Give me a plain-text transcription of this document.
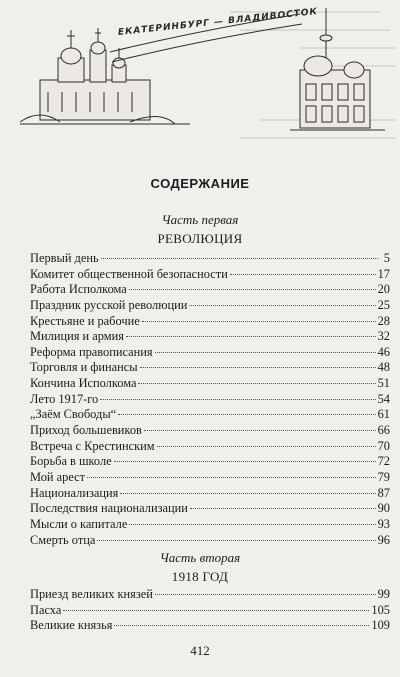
ЕКАТЕРИНБУРГ — ВЛАДИВОСТОК
СОДЕРЖАНИЕ
Часть первая
РЕВОЛЮЦИЯ
Первый день	5
Комитет общественной безопасности	17
Работа Исполкома	20
Праздник русской революции	25
Крестьяне и рабочие	28
Милиция и армия	32
Реформа правописания	46
Торговля и финансы	48
Кончина Исполкома	51
Лето 1917-го	54
„Заём Свободы“	61
Приход большевиков	66
Встреча с Крестинским	70
Борьба в школе	72
Мой арест	79
Национализация	87
Последствия национализации	90
Мысли о капитале	93
Смерть отца	96
Часть вторая
1918 ГОД
Приезд великих князей	99
Пасха	105
Великие князья	109
412
